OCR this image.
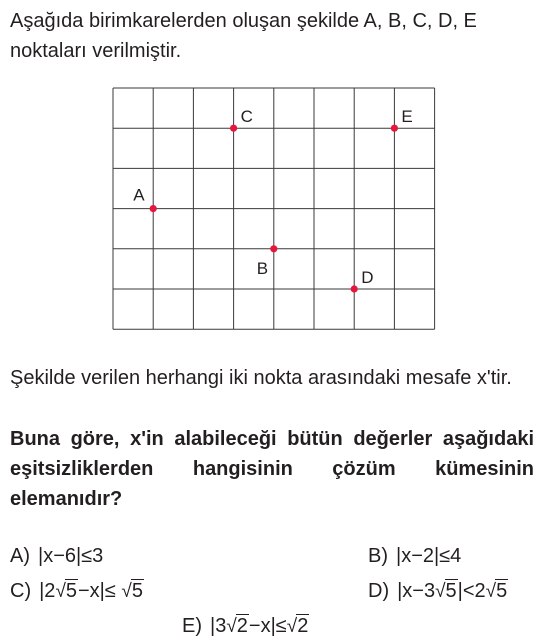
Aşağıda birimkarelerden oluşan şekilde A, B, C, D, E noktaları verilmiştir.
A
B
C
D
E
Şekilde verilen herhangi iki nokta arasındaki mesafe x'tir.
Buna göre, x'in alabileceği bütün değerler aşağıdaki eşitsizliklerden hangisinin çözüm kümesinin elemanıdır?
A) |x−6|≤3	B) |x−2|≤4
C) |2√5−x|≤ √5	D) |x−3√5|<2√5
E) |3√2−x|≤√2
